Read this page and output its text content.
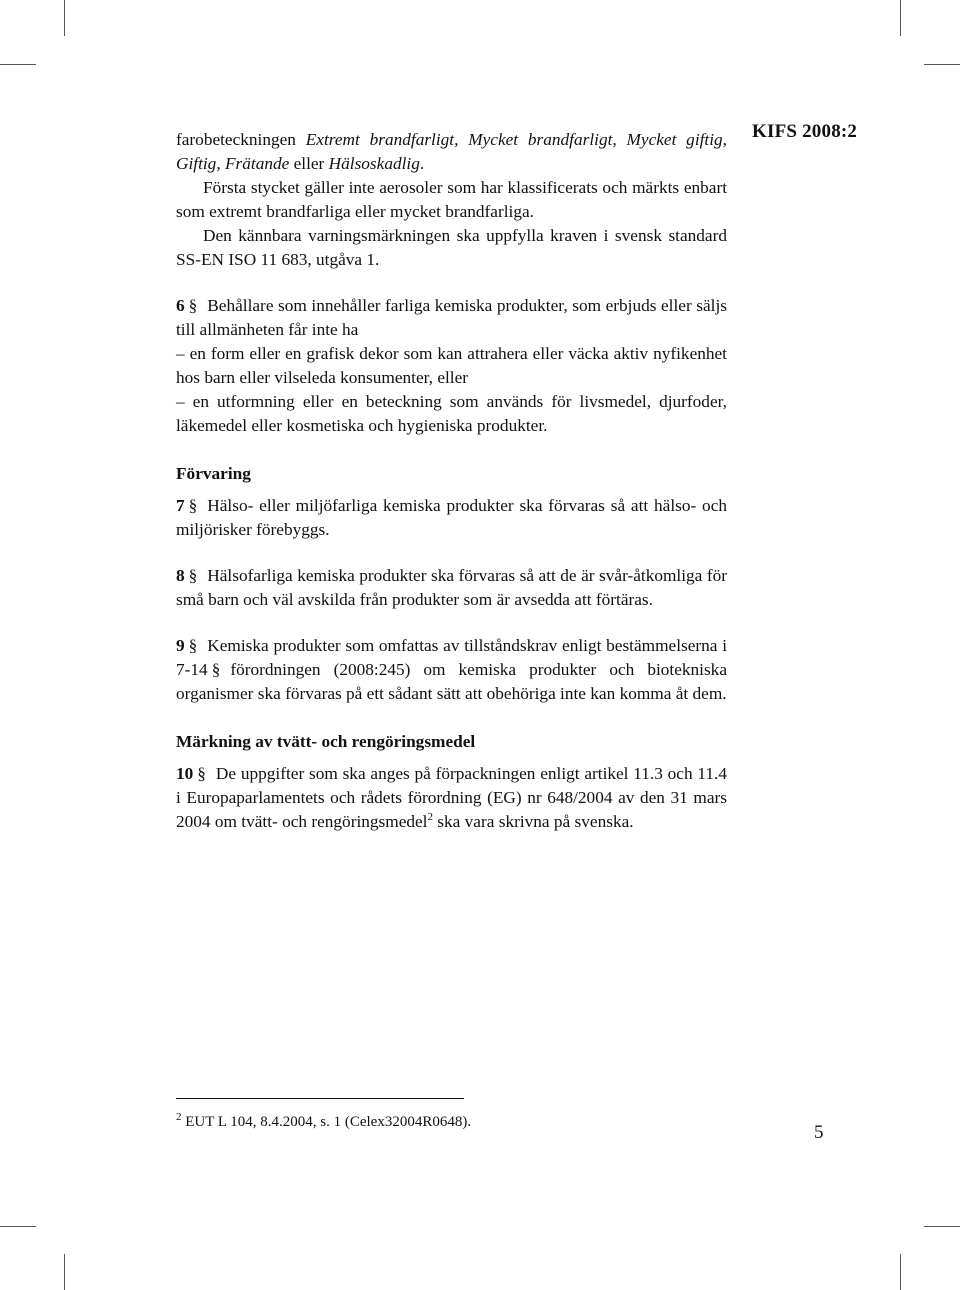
KIFS 2008:2

farobeteckningen Extremt brandfarligt, Mycket brandfarligt, Mycket giftig, Giftig, Frätande eller Hälsoskadlig.

Första stycket gäller inte aerosoler som har klassificerats och märkts enbart som extremt brandfarliga eller mycket brandfarliga.

Den kännbara varningsmärkningen ska uppfylla kraven i svensk standard SS-EN ISO 11 683, utgåva 1.

6 § Behållare som innehåller farliga kemiska produkter, som erbjuds eller säljs till allmänheten får inte ha

– en form eller en grafisk dekor som kan attrahera eller väcka aktiv nyfikenhet hos barn eller vilseleda konsumenter, eller

– en utformning eller en beteckning som används för livsmedel, djurfoder, läkemedel eller kosmetiska och hygieniska produkter.

Förvaring

7 § Hälso- eller miljöfarliga kemiska produkter ska förvaras så att hälso- och miljörisker förebyggs.

8 § Hälsofarliga kemiska produkter ska förvaras så att de är svår-åtkomliga för små barn och väl avskilda från produkter som är avsedda att förtäras.

9 § Kemiska produkter som omfattas av tillståndskrav enligt bestämmelserna i 7-14 § förordningen (2008:245) om kemiska produkter och biotekniska organismer ska förvaras på ett sådant sätt att obehöriga inte kan komma åt dem.

Märkning av tvätt- och rengöringsmedel

10 § De uppgifter som ska anges på förpackningen enligt artikel 11.3 och 11.4 i Europaparlamentets och rådets förordning (EG) nr 648/2004 av den 31 mars 2004 om tvätt- och rengöringsmedel$^2$ ska vara skrivna på svenska.

$^2$ EUT L 104, 8.4.2004, s. 1 (Celex32004R0648).	5
